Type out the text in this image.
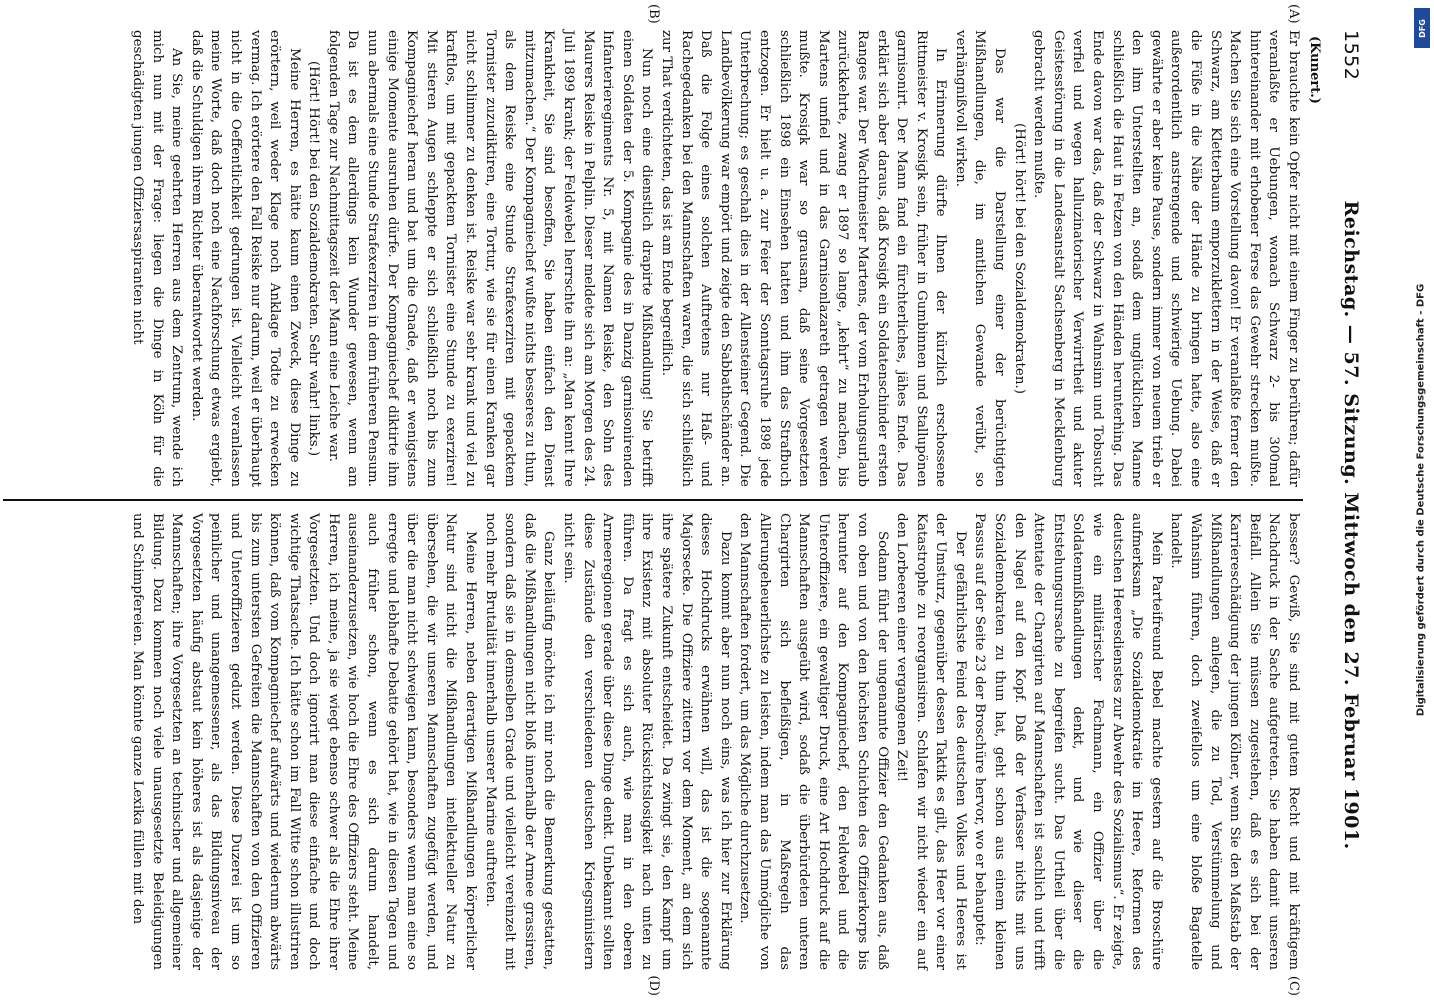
1552
Reichstag. — 57. Sitzung. Mittwoch den 27. Februar 1901.
(Kunert.)
(A)
(B)

Er brauchte kein Opfer nicht mit einem Finger zu berühren; dafür veranlaßte er Uebungen, wonach Schwarz 2- bis 300mal hintereinander mit erhobener Ferse das Gewehr strecken mußte. Machen Sie sich eine Vorstellung davon! Er veranlaßte ferner den Schwarz, am Kletterbaum emporzuklettern in der Weise, daß er die Füße in die Nähe der Hände zu bringen hatte, also eine außerordentlich anstrengende und schwierige Uebung. Dabei gewährte er aber keine Pause, sondern immer von neuem trieb er den ihm Unterstellten an, sodaß dem unglücklichen Manne schließlich die Haut in Fetzen von den Händen herunterhing. Das Ende davon war das, daß der Schwarz in Wahnsinn und Tobsucht verfiel und wegen halluzinatorischer Verwirrtheit und akuter Geistesstörung in die Landesanstalt Sachsenberg in Mecklenburg gebracht werden mußte.

(Hört! hört! bei den Sozialdemokraten.)

Das war die Darstellung einer der berüchtigten Mißhandlungen, die, im amtlichen Gewande verübt, so verhängnißvoll wirken.

In Erinnerung dürfte Ihnen der kürzlich erschossene Rittmeister v. Krosigk sein, früher in Gumbinnen und Stallupönen garnisonirt. Der Mann fand ein fürchterliches, jähes Ende. Das erklärt sich aber daraus, daß Krosigk ein Soldatenschinder ersten Ranges war. Der Wachtmeister Martens, der vom Erholungsurlaub zurückkehrte, zwang er 1897 so lange, „kehrt“ zu machen, bis Martens umfiel und in das Garnisonlazareth getragen werden mußte. Krosigk war so grausam, daß seine Vorgesetzten schließlich 1898 ein Einsehen hatten und ihm das Strafbuch entzogen. Er hielt u. a. zur Feier der Sonntagsruhe 1898 jede Unterbrechung; es geschah dies in der Allensteiner Gegend. Die Landbevölkerung war empört und zeigte den Sabbathschänder an. Daß die Folge eines solchen Auftretens nur Haß- und Rachegedanken bei den Mannschaften waren, die sich schließlich zur That verdichteten, das ist am Ende begreiflich.

Nun noch eine dienstlich drapirte Mißhandlung! Sie betrifft einen Soldaten der 5. Kompagnie des in Danzig garnisonirenden Infanterieregiments Nr. 5, mit Namen Reiske, den Sohn des Maurers Reiske in Pelplin. Dieser meldete sich am Morgen des 24. Juli 1899 krank; der Feldwebel herrschte ihn an: „Man kennt Ihre Krankheit, Sie sind besoffen, Sie haben einfach den Dienst mitzumachen.“ Der Kompagniechef wußte nichts besseres zu thun, als dem Reiske eine Stunde Strafexerziren mit gepacktem Tornister zuzudiktiren, eine Tortur, wie sie für einen Kranken gar nicht schlimmer zu denken ist. Reiske war sehr krank und viel zu kraftlos, um mit gepacktem Tornister eine Stunde zu exerziren! Mit stieren Augen schleppte er sich schließlich noch bis zum Kompagniechef heran und bat um die Gnade, daß er wenigstens einige Momente ausruhen dürfe. Der Kompagniechef diktirte ihm nun abermals eine Stunde Strafexerziren in dem früheren Pensum. Da ist es dem allerdings kein Wunder gewesen, wenn am folgenden Tage zur Nachmittagszeit der Mann eine Leiche war.

(Hört! Hört! bei den Sozialdemokraten. Sehr wahr! links.)

Meine Herren, es hätte kaum einen Zweck, diese Dinge zu erörtern, weil weder Klage noch Anklage Todte zu erwecken vermag. Ich erörtere den Fall Reiske nur darum, weil er überhaupt nicht in die Oeffentlichkeit gedrungen ist. Vielleicht veranlassen meine Worte, daß doch noch eine Nachforschung etwas ergiebt, daß die Schuldigen ihrem Richter überantwortet werden.

An Sie, meine geehrten Herren aus dem Zentrum, wende ich mich nun mit der Frage: liegen die Dinge in Köln für die geschädigten jungen Offiziersaspiranten nicht

(C)
(D)

besser? Gewiß, Sie sind mit gutem Recht und mit kräftigem Nachdruck in der Sache aufgetreten. Sie haben damit unseren Beifall. Allein Sie müssen zugestehen, daß es sich bei der Karriereschädigung der jungen Kölner, wenn Sie den Maßstab der Mißhandlungen anlegen, die zu Tod, Verstümmelung und Wahnsinn führen, doch zweifellos um eine bloße Bagatelle handelt.

Mein Parteifreund Bebel machte gestern auf die Broschüre aufmerksam „Die Sozialdemokratie im Heere, Reformen des deutschen Heeresdienstes zur Abwehr des Sozialismus“. Er zeigte, wie ein militärischer Fachmann, ein Offizier über die Soldatenmißhandlungen denkt, und wie dieser die Entstehungsursache zu begreifen sucht. Das Urtheil über die Attentate der Chargirten auf Mannschaften ist sachlich und trifft den Nagel auf den Kopf. Daß der Verfasser nichts mit uns Sozialdemokraten zu thun hat, geht schon aus einem kleinen Passus auf der Seite 23 der Broschüre hervor, wo er behauptet:

Der gefährlichste Feind des deutschen Volkes und Heeres ist der Umsturz, gegenüber dessen Taktik es gilt, das Heer vor einer Katastrophe zu reorganisiren. Schlafen wir nicht wieder ein auf den Lorbeeren einer vergangenen Zeit!

Sodann führt der ungenannte Offizier den Gedanken aus, daß von oben und von den höchsten Schichten des Offizierkorps bis herunter auf den Kompagniechef, den Feldwebel und die Unteroffiziere, ein gewaltiger Druck, eine Art Hochdruck auf die Mannschaften ausgeübt wird, sodaß die überbürdeten unteren Chargirten sich befleißigen, in Maßregeln das Allerungeheuerlichste zu leisten, indem man das Unmögliche von den Mannschaften fordert, um das Mögliche durchzusetzen.

Dazu kommt aber nun noch eins, was ich hier zur Erklärung dieses Hochdrucks erwähnen will, das ist die sogenannte Majorsecke. Die Offiziere zittern vor dem Moment, an dem sich ihre spätere Zukunft entscheidet. Da zwingt sie, den Kampf um ihre Existenz mit absoluter Rücksichtslosigkeit nach unten zu führen. Da fragt es sich auch, wie man in den oberen Armeeregionen gerade über diese Dinge denkt. Unbekannt sollten diese Zustände den verschiedenen deutschen Kriegsministern nicht sein.

Ganz beiläufig möchte ich mir noch die Bemerkung gestatten, daß die Mißhandlungen nicht bloß innerhalb der Armee grassiren, sondern daß sie in demselben Grade und vielleicht vereinzelt mit noch mehr Brutalität innerhalb unserer Marine auftreten.

Meine Herren, neben derartigen Mißhandlungen körperlicher Natur sind nicht die Mißhandlungen intellektueller Natur zu übersehen, die wir unseren Mannschaften zugefügt werden, und über die man nicht schweigen kann, besonders wenn man eine so erregte und lebhafte Debatte gehört hat, wie in diesen Tagen und auch früher schon, wenn es sich darum handelt, auseinanderzusetzen, wie hoch die Ehre des Offiziers steht. Meine Herren, ich meine, ja sie wiegt ebenso schwer als die Ehre ihrer Vorgesetzten. Und doch ignorirt man diese einfache und doch wichtige Thatsache. Ich hätte schon im Fall Witte schon illustriren können, daß vom Kompagniechef aufwärts und wiederum abwärts bis zum untersten Gefreiten die Mannschaften von den Offizieren und Unteroffizieren geduzt werden. Diese Duzerei ist um so peinlicher und unangemessener, als das Bildungsniveau der Vorgesetzten häufig abstaut kein höheres ist als dasjenige der Mannschaften; ihre Vorgesetzten an technischer und allgemeiner Bildung. Dazu kommen noch viele unausgesetzte Beleidigungen und Schimpfereien. Man könnte ganze Lexika füllen mit den

DFG
Digitalisierung gefördert durch die Deutsche Forschungsgemeinschaft - DFG
